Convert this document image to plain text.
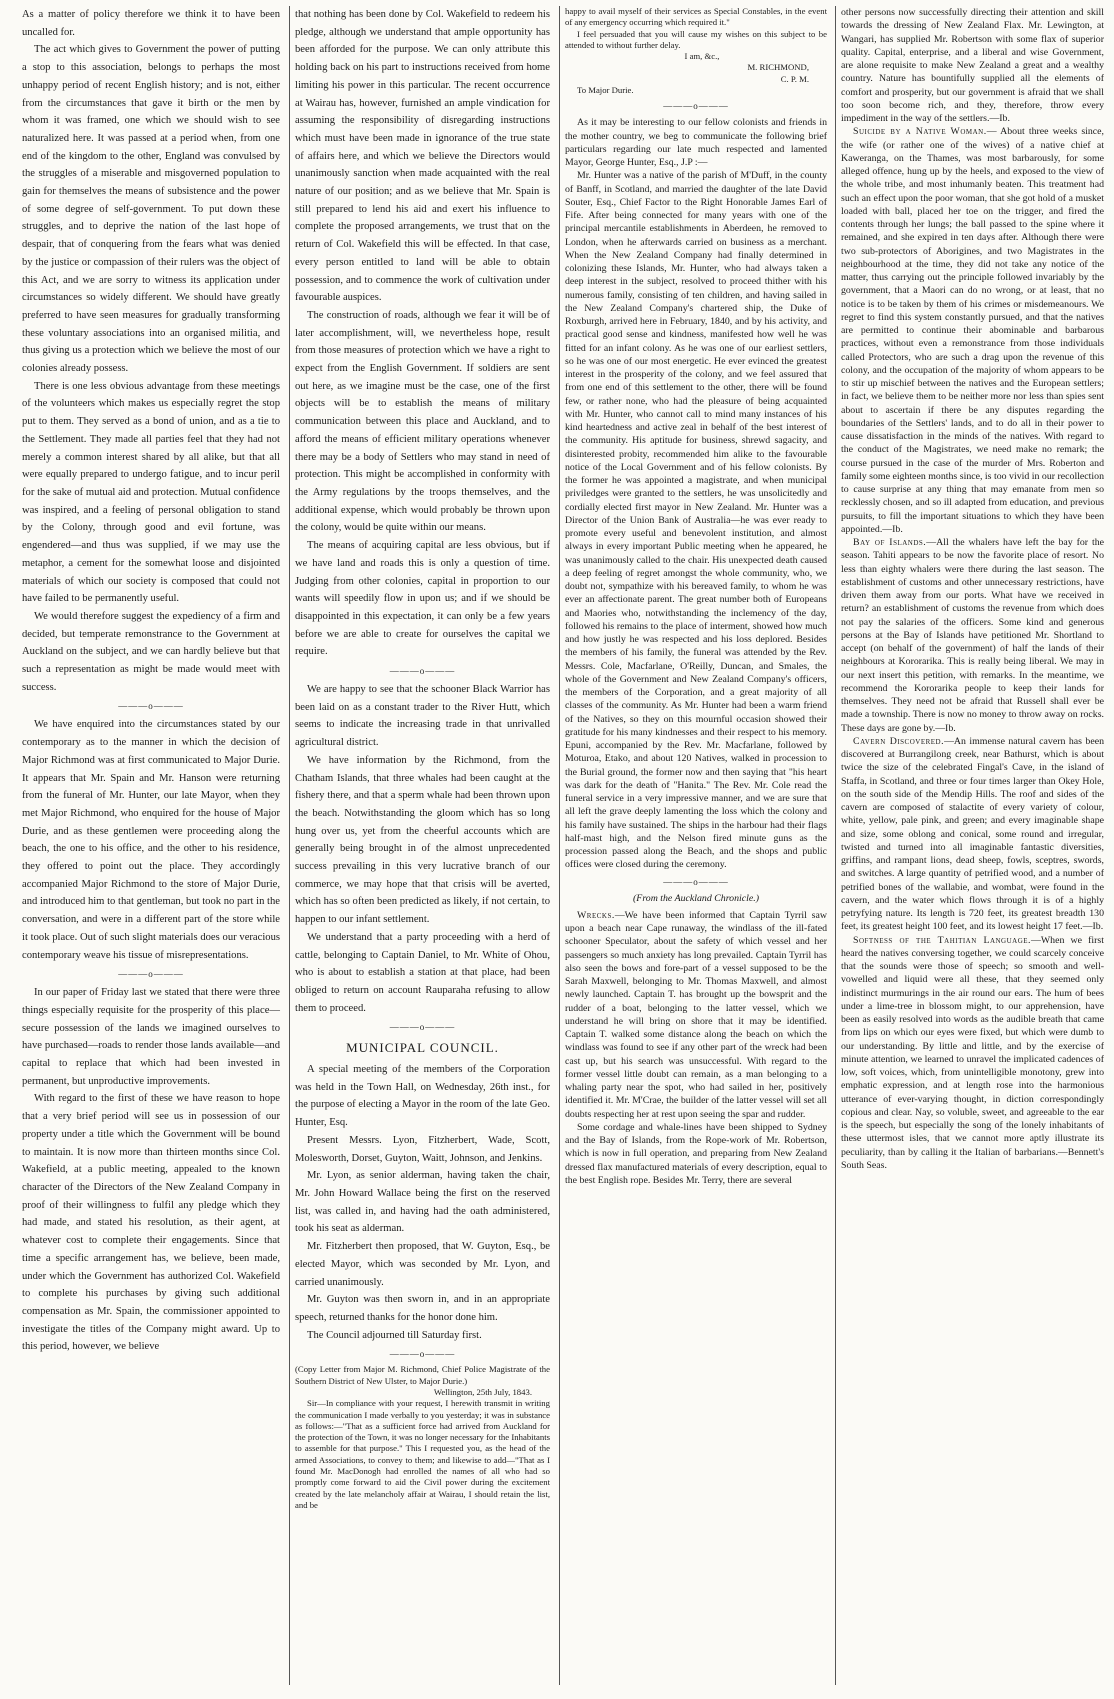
As a matter of policy therefore we think it to have been uncalled for.

The act which gives to Government the power of putting a stop to this association, belongs to perhaps the most unhappy period of recent English history; and is not, either from the circumstances that gave it birth or the men by whom it was framed, one which we should wish to see naturalized here. It was passed at a period when, from one end of the kingdom to the other, England was convulsed by the struggles of a miserable and misgoverned population to gain for themselves the means of subsistence and the power of some degree of self-government. To put down these struggles, and to deprive the nation of the last hope of despair, that of conquering from the fears what was denied by the justice or compassion of their rulers was the object of this Act, and we are sorry to witness its application under circumstances so widely different. We should have greatly preferred to have seen measures for gradually transforming these voluntary associations into an organised militia, and thus giving us a protection which we believe the most of our colonies already possess.

There is one less obvious advantage from these meetings of the volunteers which makes us especially regret the stop put to them. They served as a bond of union, and as a tie to the Settlement. They made all parties feel that they had not merely a common interest shared by all alike, but that all were equally prepared to undergo fatigue, and to incur peril for the sake of mutual aid and protection. Mutual confidence was inspired, and a feeling of personal obligation to stand by the Colony, through good and evil fortune, was engendered—and thus was supplied, if we may use the metaphor, a cement for the somewhat loose and disjointed materials of which our society is composed that could not have failed to be permanently useful.

We would therefore suggest the expediency of a firm and decided, but temperate remonstrance to the Government at Auckland on the subject, and we can hardly believe but that such a representation as might be made would meet with success.

———o———

We have enquired into the circumstances stated by our contemporary as to the manner in which the decision of Major Richmond was at first communicated to Major Durie. It appears that Mr. Spain and Mr. Hanson were returning from the funeral of Mr. Hunter, our late Mayor, when they met Major Richmond, who enquired for the house of Major Durie, and as these gentlemen were proceeding along the beach, the one to his office, and the other to his residence, they offered to point out the place. They accordingly accompanied Major Richmond to the store of Major Durie, and introduced him to that gentleman, but took no part in the conversation, and were in a different part of the store while it took place. Out of such slight materials does our veracious contemporary weave his tissue of misrepresentations.

———o———

In our paper of Friday last we stated that there were three things especially requisite for the prosperity of this place—secure possession of the lands we imagined ourselves to have purchased—roads to render those lands available—and capital to replace that which had been invested in permanent, but unproductive improvements.

With regard to the first of these we have reason to hope that a very brief period will see us in possession of our property under a title which the Government will be bound to maintain. It is now more than thirteen months since Col. Wakefield, at a public meeting, appealed to the known character of the Directors of the New Zealand Company in proof of their willingness to fulfil any pledge which they had made, and stated his resolution, as their agent, at whatever cost to complete their engagements. Since that time a specific arrangement has, we believe, been made, under which the Government has authorized Col. Wakefield to complete his purchases by giving such additional compensation as Mr. Spain, the commissioner appointed to investigate the titles of the Company might award. Up to this period, however, we believe

that nothing has been done by Col. Wakefield to redeem his pledge, although we understand that ample opportunity has been afforded for the purpose. We can only attribute this holding back on his part to instructions received from home limiting his power in this particular. The recent occurrence at Wairau has, however, furnished an ample vindication for assuming the responsibility of disregarding instructions which must have been made in ignorance of the true state of affairs here, and which we believe the Directors would unanimously sanction when made acquainted with the real nature of our position; and as we believe that Mr. Spain is still prepared to lend his aid and exert his influence to complete the proposed arrangements, we trust that on the return of Col. Wakefield this will be effected. In that case, every person entitled to land will be able to obtain possession, and to commence the work of cultivation under favourable auspices.

The construction of roads, although we fear it will be of later accomplishment, will, we nevertheless hope, result from those measures of protection which we have a right to expect from the English Government. If soldiers are sent out here, as we imagine must be the case, one of the first objects will be to establish the means of military communication between this place and Auckland, and to afford the means of efficient military operations whenever there may be a body of Settlers who may stand in need of protection. This might be accomplished in conformity with the Army regulations by the troops themselves, and the additional expense, which would probably be thrown upon the colony, would be quite within our means.

The means of acquiring capital are less obvious, but if we have land and roads this is only a question of time. Judging from other colonies, capital in proportion to our wants will speedily flow in upon us; and if we should be disappointed in this expectation, it can only be a few years before we are able to create for ourselves the capital we require.

———o———

We are happy to see that the schooner Black Warrior has been laid on as a constant trader to the River Hutt, which seems to indicate the increasing trade in that unrivalled agricultural district.

We have information by the Richmond, from the Chatham Islands, that three whales had been caught at the fishery there, and that a sperm whale had been thrown upon the beach. Notwithstanding the gloom which has so long hung over us, yet from the cheerful accounts which are generally being brought in of the almost unprecedented success prevailing in this very lucrative branch of our commerce, we may hope that that crisis will be averted, which has so often been predicted as likely, if not certain, to happen to our infant settlement.

We understand that a party proceeding with a herd of cattle, belonging to Captain Daniel, to Mr. White of Ohou, who is about to establish a station at that place, had been obliged to return on account Rauparaha refusing to allow them to proceed.

———o———
MUNICIPAL COUNCIL.

A special meeting of the members of the Corporation was held in the Town Hall, on Wednesday, 26th inst., for the purpose of electing a Mayor in the room of the late Geo. Hunter, Esq.

Present Messrs. Lyon, Fitzherbert, Wade, Scott, Molesworth, Dorset, Guyton, Waitt, Johnson, and Jenkins.

Mr. Lyon, as senior alderman, having taken the chair, Mr. John Howard Wallace being the first on the reserved list, was called in, and having had the oath administered, took his seat as alderman.

Mr. Fitzherbert then proposed, that W. Guyton, Esq., be elected Mayor, which was seconded by Mr. Lyon, and carried unanimously.

Mr. Guyton was then sworn in, and in an appropriate speech, returned thanks for the honor done him.

The Council adjourned till Saturday first.

———o———

(Copy Letter from Major M. Richmond, Chief Police Magistrate of the Southern District of New Ulster, to Major Durie.)

Wellington, 25th July, 1843.

Sir—In compliance with your request, I herewith transmit in writing the communication I made verbally to you yesterday; it was in substance as follows:—"That as a sufficient force had arrived from Auckland for the protection of the Town, it was no longer necessary for the Inhabitants to assemble for that purpose." This I requested you, as the head of the armed Associations, to convey to them; and likewise to add—"That as I found Mr. MacDonogh had enrolled the names of all who had so promptly come forward to aid the Civil power during the excitement created by the late melancholy affair at Wairau, I should retain the list, and be

happy to avail myself of their services as Special Constables, in the event of any emergency occurring which required it."

I feel persuaded that you will cause my wishes on this subject to be attended to without further delay.

I am, &c.,

M. RICHMOND,

C. P. M.

To Major Durie.

———o———

As it may be interesting to our fellow colonists and friends in the mother country, we beg to communicate the following brief particulars regarding our late much respected and lamented Mayor, George Hunter, Esq., J.P :—

Mr. Hunter was a native of the parish of M'Duff, in the county of Banff, in Scotland, and married the daughter of the late David Souter, Esq., Chief Factor to the Right Honorable James Earl of Fife. After being connected for many years with one of the principal mercantile establishments in Aberdeen, he removed to London, when he afterwards carried on business as a merchant. When the New Zealand Company had finally determined in colonizing these Islands, Mr. Hunter, who had always taken a deep interest in the subject, resolved to proceed thither with his numerous family, consisting of ten children, and having sailed in the New Zealand Company's chartered ship, the Duke of Roxburgh, arrived here in February, 1840, and by his activity, and practical good sense and kindness, manifested how well he was fitted for an infant colony. As he was one of our earliest settlers, so he was one of our most energetic. He ever evinced the greatest interest in the prosperity of the colony, and we feel assured that from one end of this settlement to the other, there will be found few, or rather none, who had the pleasure of being acquainted with Mr. Hunter, who cannot call to mind many instances of his kind heartedness and active zeal in behalf of the best interest of the community. His aptitude for business, shrewd sagacity, and disinterested probity, recommended him alike to the favourable notice of the Local Government and of his fellow colonists. By the former he was appointed a magistrate, and when municipal priviledges were granted to the settlers, he was unsolicitedly and cordially elected first mayor in New Zealand. Mr. Hunter was a Director of the Union Bank of Australia—he was ever ready to promote every useful and benevolent institution, and almost always in every important Public meeting when he appeared, he was unanimously called to the chair. His unexpected death caused a deep feeling of regret amongst the whole community, who, we doubt not, sympathize with his bereaved family, to whom he was ever an affectionate parent. The great number both of Europeans and Maories who, notwithstanding the inclemency of the day, followed his remains to the place of interment, showed how much and how justly he was respected and his loss deplored. Besides the members of his family, the funeral was attended by the Rev. Messrs. Cole, Macfarlane, O'Reilly, Duncan, and Smales, the whole of the Government and New Zealand Company's officers, the members of the Corporation, and a great majority of all classes of the community. As Mr. Hunter had been a warm friend of the Natives, so they on this mournful occasion showed their gratitude for his many kindnesses and their respect to his memory. Epuni, accompanied by the Rev. Mr. Macfarlane, followed by Moturoa, Etako, and about 120 Natives, walked in procession to the Burial ground, the former now and then saying that "his heart was dark for the death of "Hanita." The Rev. Mr. Cole read the funeral service in a very impressive manner, and we are sure that all left the grave deeply lamenting the loss which the colony and his family have sustained. The ships in the harbour had their flags half-mast high, and the Nelson fired minute guns as the procession passed along the Beach, and the shops and public offices were closed during the ceremony.

———o———
(From the Auckland Chronicle.)

Wrecks.—We have been informed that Captain Tyrril saw upon a beach near Cape runaway, the windlass of the ill-fated schooner Speculator, about the safety of which vessel and her passengers so much anxiety has long prevailed. Captain Tyrril has also seen the bows and fore-part of a vessel supposed to be the Sarah Maxwell, belonging to Mr. Thomas Maxwell, and almost newly launched. Captain T. has brought up the bowsprit and the rudder of a boat, belonging to the latter vessel, which we understand he will bring on shore that it may be identified. Captain T. walked some distance along the beach on which the windlass was found to see if any other part of the wreck had been cast up, but his search was unsuccessful. With regard to the former vessel little doubt can remain, as a man belonging to a whaling party near the spot, who had sailed in her, positively identified it. Mr. M'Crae, the builder of the latter vessel will set all doubts respecting her at rest upon seeing the spar and rudder.

Some cordage and whale-lines have been shipped to Sydney and the Bay of Islands, from the Rope-work of Mr. Robertson, which is now in full operation, and preparing from New Zealand dressed flax manufactured materials of every description, equal to the best English rope. Besides Mr. Terry, there are several

other persons now successfully directing their attention and skill towards the dressing of New Zealand Flax. Mr. Lewington, at Wangari, has supplied Mr. Robertson with some flax of superior quality. Capital, enterprise, and a liberal and wise Government, are alone requisite to make New Zealand a great and a wealthy country. Nature has bountifully supplied all the elements of comfort and prosperity, but our government is afraid that we shall too soon become rich, and they, therefore, throw every impediment in the way of the settlers.—Ib.

Suicide by a Native Woman.— About three weeks since, the wife (or rather one of the wives) of a native chief at Kaweranga, on the Thames, was most barbarously, for some alleged offence, hung up by the heels, and exposed to the view of the whole tribe, and most inhumanly beaten. This treatment had such an effect upon the poor woman, that she got hold of a musket loaded with ball, placed her toe on the trigger, and fired the contents through her lungs; the ball passed to the spine where it remained, and she expired in ten days after. Although there were two sub-protectors of Aborigines, and two Magistrates in the neighbourhood at the time, they did not take any notice of the matter, thus carrying out the principle followed invariably by the government, that a Maori can do no wrong, or at least, that no notice is to be taken by them of his crimes or misdemeanours. We regret to find this system constantly pursued, and that the natives are permitted to continue their abominable and barbarous practices, without even a remonstrance from those individuals called Protectors, who are such a drag upon the revenue of this colony, and the occupation of the majority of whom appears to be to stir up mischief between the natives and the European settlers; in fact, we believe them to be neither more nor less than spies sent about to ascertain if there be any disputes regarding the boundaries of the Settlers' lands, and to do all in their power to cause dissatisfaction in the minds of the natives. With regard to the conduct of the Magistrates, we need make no remark; the course pursued in the case of the murder of Mrs. Roberton and family some eighteen months since, is too vivid in our recollection to cause surprise at any thing that may emanate from men so recklessly chosen, and so ill adapted from education, and previous pursuits, to fill the important situations to which they have been appointed.—Ib.

Bay of Islands.—All the whalers have left the bay for the season. Tahiti appears to be now the favorite place of resort. No less than eighty whalers were there during the last season. The establishment of customs and other unnecessary restrictions, have driven them away from our ports. What have we received in return? an establishment of customs the revenue from which does not pay the salaries of the officers. Some kind and generous persons at the Bay of Islands have petitioned Mr. Shortland to accept (on behalf of the government) of half the lands of their neighbours at Kororarika. This is really being liberal. We may in our next insert this petition, with remarks. In the meantime, we recommend the Kororarika people to keep their lands for themselves. They need not be afraid that Russell shall ever be made a township. There is now no money to throw away on rocks. These days are gone by.—Ib.

Cavern Discovered.—An immense natural cavern has been discovered at Burrangilong creek, near Bathurst, which is about twice the size of the celebrated Fingal's Cave, in the island of Staffa, in Scotland, and three or four times larger than Okey Hole, on the south side of the Mendip Hills. The roof and sides of the cavern are composed of stalactite of every variety of colour, white, yellow, pale pink, and green; and every imaginable shape and size, some oblong and conical, some round and irregular, twisted and turned into all imaginable fantastic diversities, griffins, and rampant lions, dead sheep, fowls, sceptres, swords, and switches. A large quantity of petrified wood, and a number of petrified bones of the wallabie, and wombat, were found in the cavern, and the water which flows through it is of a highly petryfying nature. Its length is 720 feet, its greatest breadth 130 feet, its greatest height 100 feet, and its lowest height 17 feet.—Ib.

Softness of the Tahitian Language.—When we first heard the natives conversing together, we could scarcely conceive that the sounds were those of speech; so smooth and well-vowelled and liquid were all these, that they seemed only indistinct murmurings in the air round our ears. The hum of bees under a lime-tree in blossom might, to our apprehension, have been as easily resolved into words as the audible breath that came from lips on which our eyes were fixed, but which were dumb to our understanding. By little and little, and by the exercise of minute attention, we learned to unravel the implicated cadences of low, soft voices, which, from unintelligible monotony, grew into emphatic expression, and at length rose into the harmonious utterance of ever-varying thought, in diction correspondingly copious and clear. Nay, so voluble, sweet, and agreeable to the ear is the speech, but especially the song of the lonely inhabitants of these uttermost isles, that we cannot more aptly illustrate its peculiarity, than by calling it the Italian of barbarians.—Bennett's South Seas.
